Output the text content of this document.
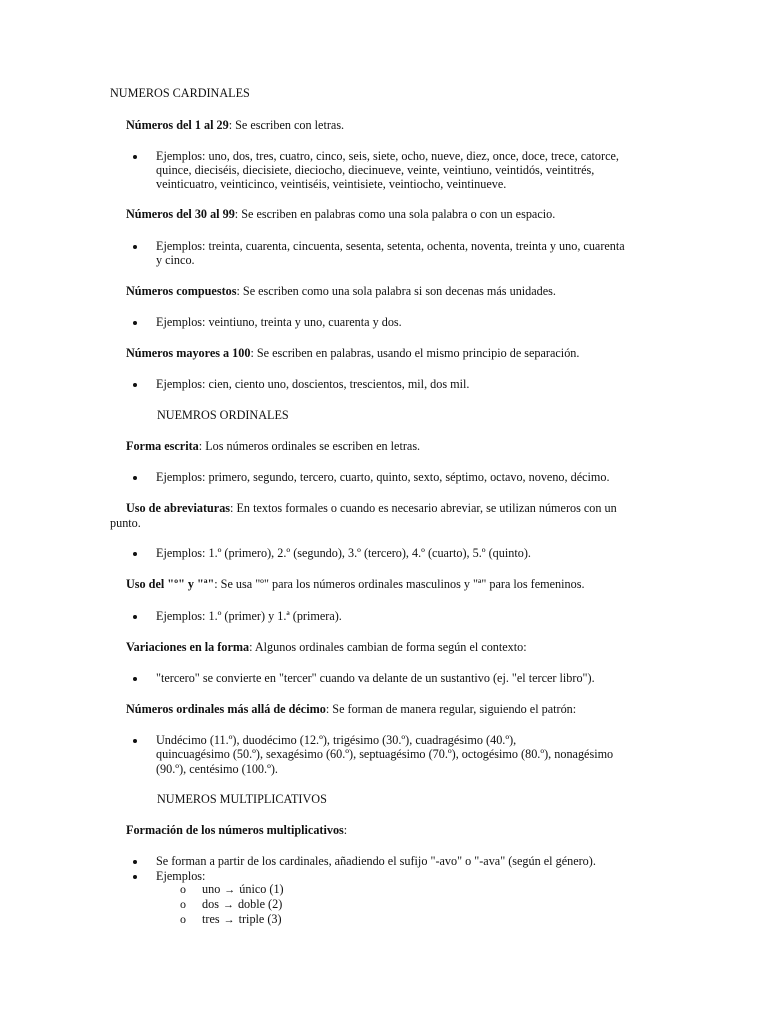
NUMEROS CARDINALES
Números del 1 al 29: Se escriben con letras.
Ejemplos: uno, dos, tres, cuatro, cinco, seis, siete, ocho, nueve, diez, once, doce, trece, catorce,
quince, dieciséis, diecisiete, dieciocho, diecinueve, veinte, veintiuno, veintidós, veintitrés,
veinticuatro, veinticinco, veintiséis, veintisiete, veintiocho, veintinueve.
Números del 30 al 99: Se escriben en palabras como una sola palabra o con un espacio.
Ejemplos: treinta, cuarenta, cincuenta, sesenta, setenta, ochenta, noventa, treinta y uno, cuarenta
y cinco.
Números compuestos: Se escriben como una sola palabra si son decenas más unidades.
Ejemplos: veintiuno, treinta y uno, cuarenta y dos.
Números mayores a 100: Se escriben en palabras, usando el mismo principio de separación.
Ejemplos: cien, ciento uno, doscientos, trescientos, mil, dos mil.
NUEMROS ORDINALES
Forma escrita: Los números ordinales se escriben en letras.
Ejemplos: primero, segundo, tercero, cuarto, quinto, sexto, séptimo, octavo, noveno, décimo.
Uso de abreviaturas: En textos formales o cuando es necesario abreviar, se utilizan números con un
punto.
Ejemplos: 1.º (primero), 2.º (segundo), 3.º (tercero), 4.º (cuarto), 5.º (quinto).
Uso del "º" y "ª": Se usa "º" para los números ordinales masculinos y "ª" para los femeninos.
Ejemplos: 1.º (primer) y 1.ª (primera).
Variaciones en la forma: Algunos ordinales cambian de forma según el contexto:
"tercero" se convierte en "tercer" cuando va delante de un sustantivo (ej. "el tercer libro").
Números ordinales más allá de décimo: Se forman de manera regular, siguiendo el patrón:
Undécimo (11.º), duodécimo (12.º), trigésimo (30.º), cuadragésimo (40.º),
quincuagésimo (50.º), sexagésimo (60.º), septuagésimo (70.º), octogésimo (80.º), nonagésimo
(90.º), centésimo (100.º).
NUMEROS MULTIPLICATIVOS
Formación de los números multiplicativos:
Se forman a partir de los cardinales, añadiendo el sufijo "-avo" o "-ava" (según el género).
Ejemplos:
o uno → único (1)
o dos → doble (2)
o tres → triple (3)
